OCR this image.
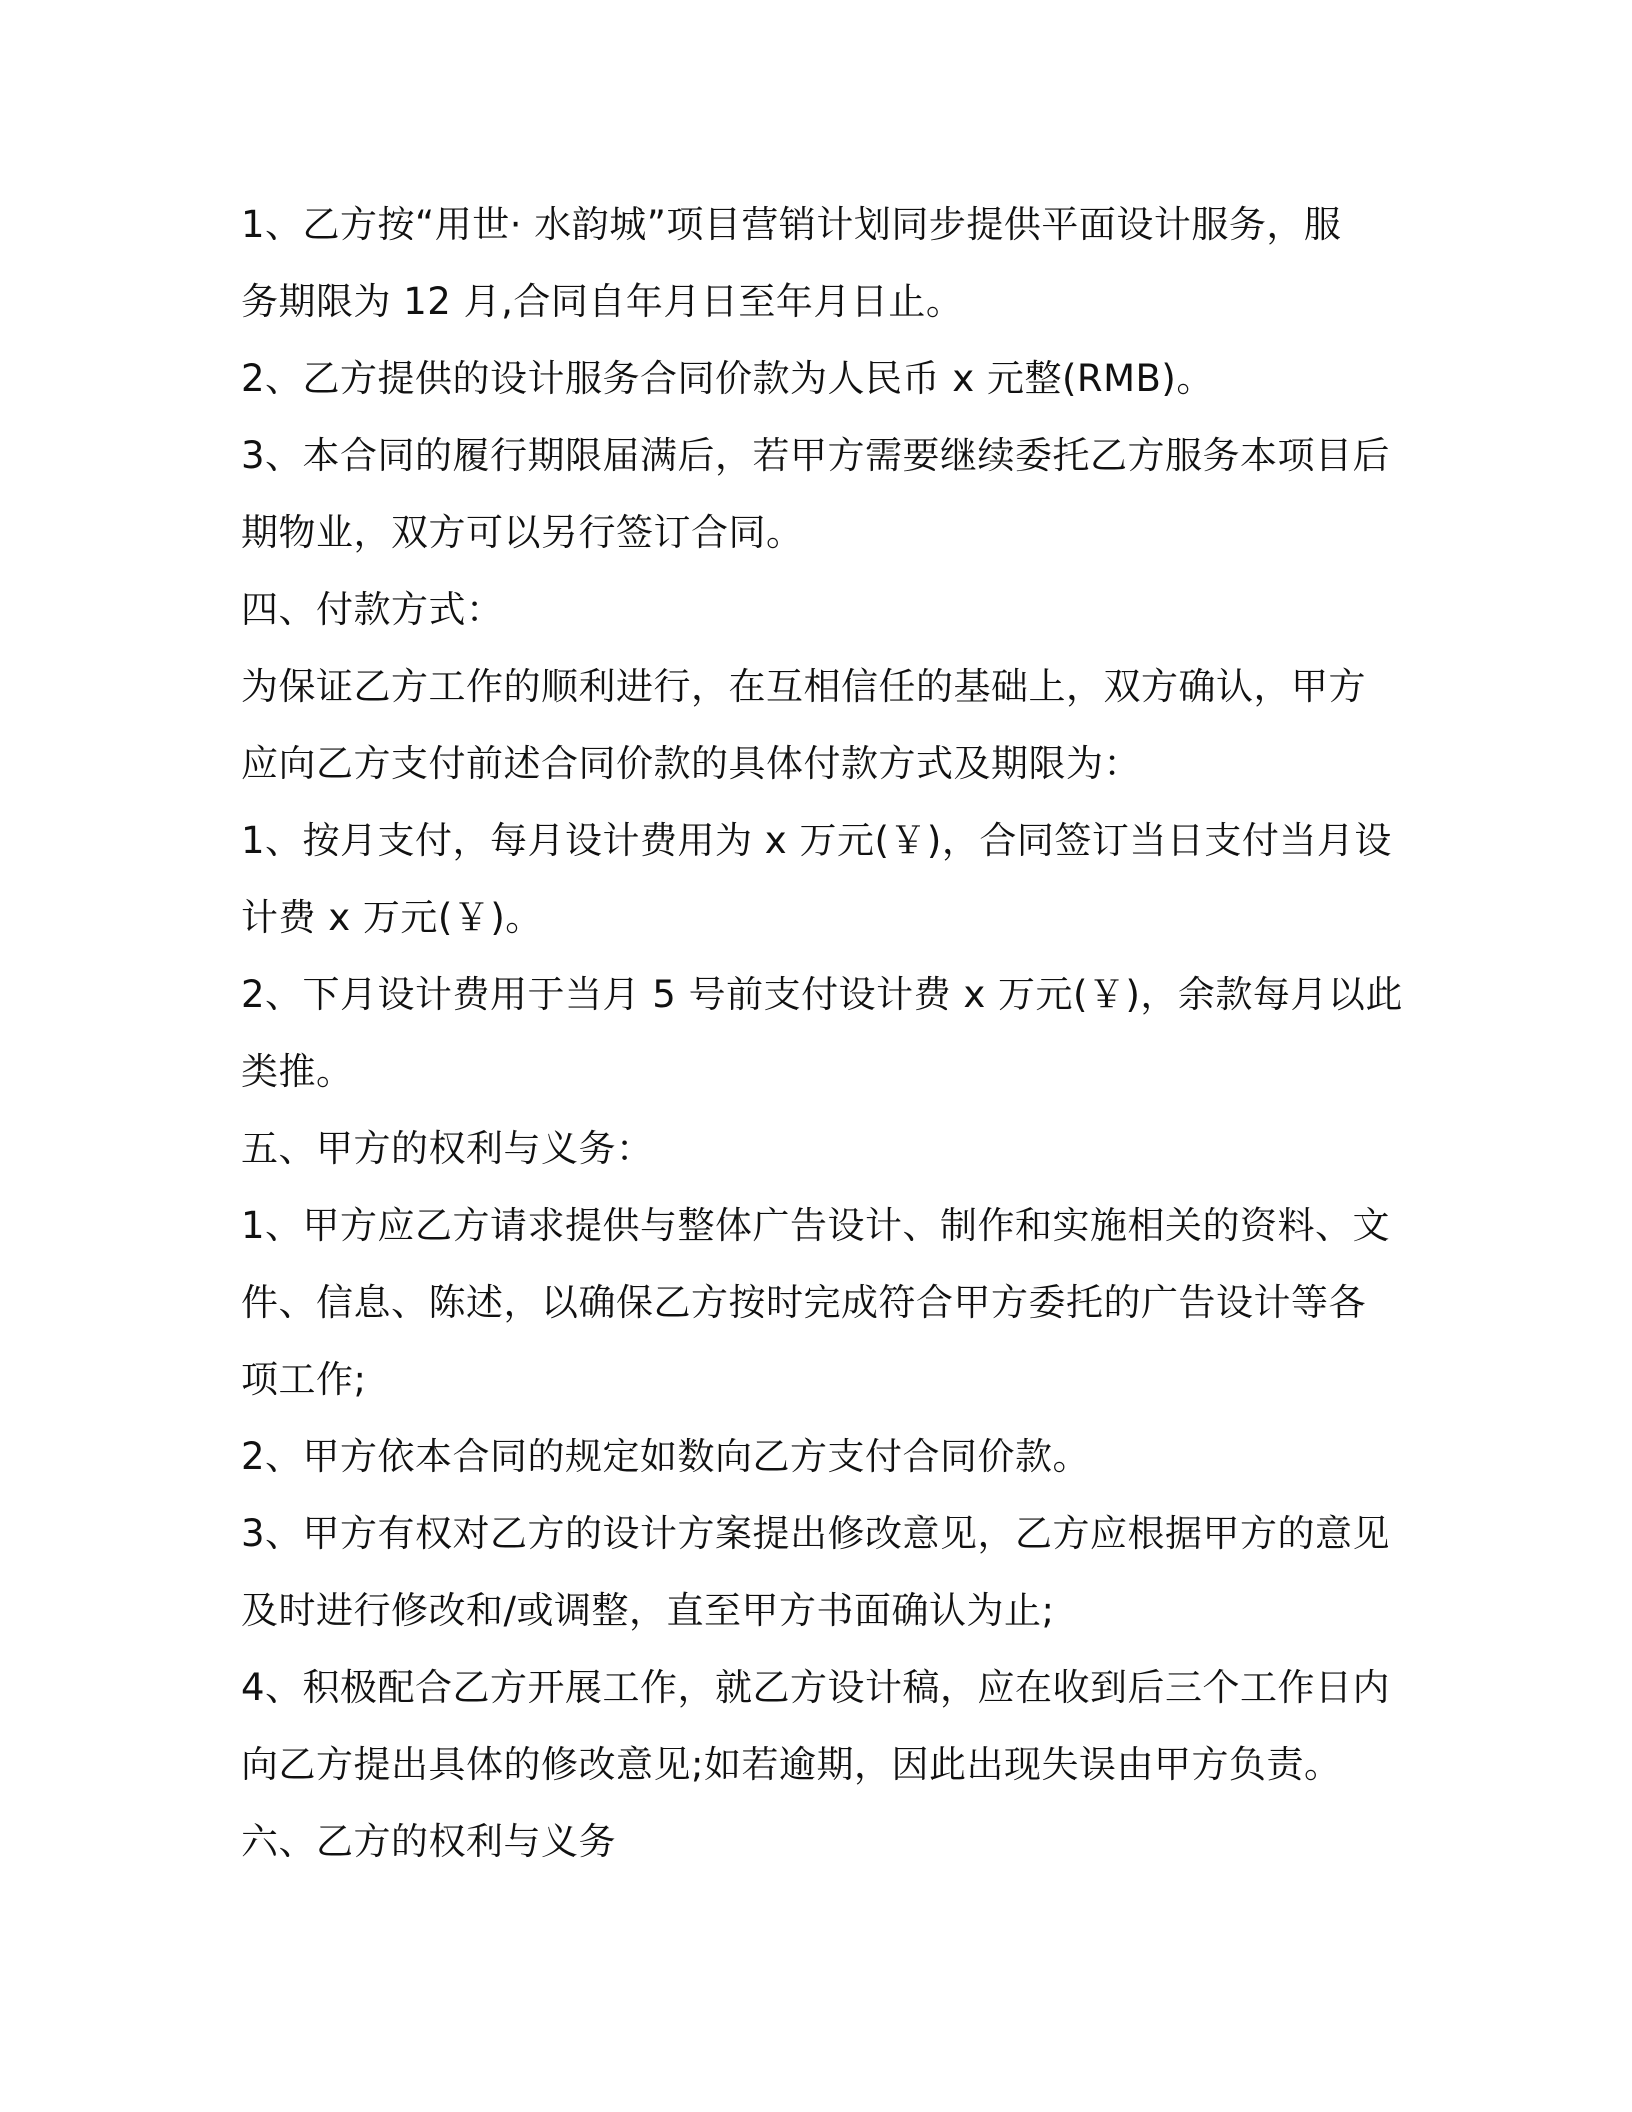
1、乙方按“用世· 水韵城”项目营销计划同步提供平面设计服务，服
务期限为 12 月,合同自年月日至年月日止。
2、乙方提供的设计服务合同价款为人民币 x 元整(RMB)。
3、本合同的履行期限届满后，若甲方需要继续委托乙方服务本项目后
期物业，双方可以另行签订合同。
四、付款方式：
为保证乙方工作的顺利进行，在互相信任的基础上，双方确认，甲方
应向乙方支付前述合同价款的具体付款方式及期限为：
1、按月支付，每月设计费用为 x 万元(￥)，合同签订当日支付当月设
计费 x 万元(￥)。
2、下月设计费用于当月 5 号前支付设计费 x 万元(￥)，余款每月以此
类推。
五、甲方的权利与义务：
1、甲方应乙方请求提供与整体广告设计、制作和实施相关的资料、文
件、信息、陈述，以确保乙方按时完成符合甲方委托的广告设计等各
项工作;
2、甲方依本合同的规定如数向乙方支付合同价款。
3、甲方有权对乙方的设计方案提出修改意见，乙方应根据甲方的意见
及时进行修改和/或调整，直至甲方书面确认为止;
4、积极配合乙方开展工作，就乙方设计稿，应在收到后三个工作日内
向乙方提出具体的修改意见;如若逾期，因此出现失误由甲方负责。
六、乙方的权利与义务
